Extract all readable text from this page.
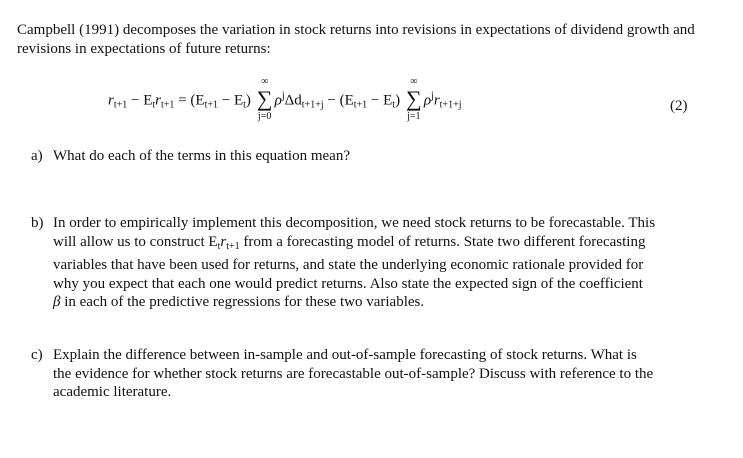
Campbell (1991) decomposes the variation in stock returns into revisions in expectations of dividend growth and revisions in expectations of future returns:

$r_{t+1} - E_tr_{t+1} = (E_{t+1} - E_t)$
∞
∑
j=0
$\rho^j\Delta d_{t+1+j} - (E_{t+1} - E_t)$
∞
∑
j=1
$\rho^jr_{t+1+j}$	(2)
a) What do each of the terms in this equation mean?
b) In order to empirically implement this decomposition, we need stock returns to be forecastable. This
will allow us to construct $E_tr_{t+1}$ from a forecasting model of returns. State two different forecasting
variables that have been used for returns, and state the underlying economic rationale provided for
why you expect that each one would predict returns. Also state the expected sign of the coefficient
β in each of the predictive regressions for these two variables.
c) Explain the difference between in-sample and out-of-sample forecasting of stock returns. What is
the evidence for whether stock returns are forecastable out-of-sample? Discuss with reference to the
academic literature.
